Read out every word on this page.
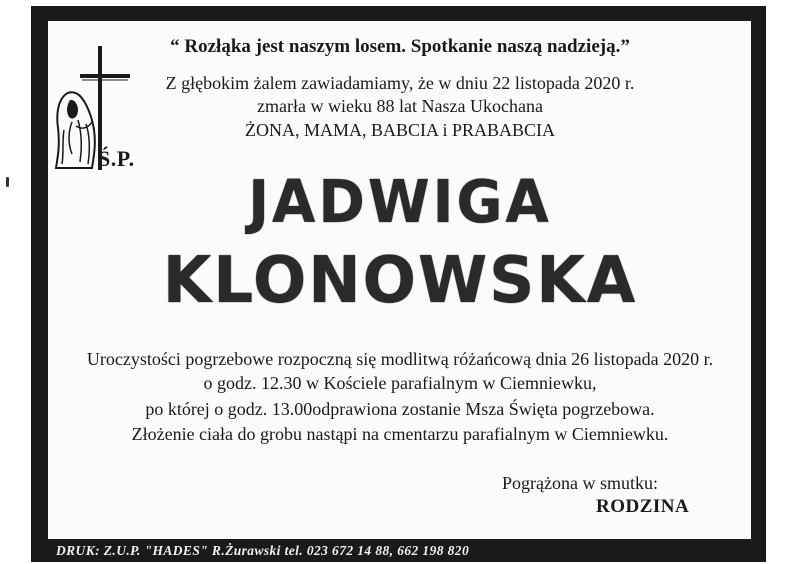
DRUK: Z.U.P. "HADES" R.Żurawski tel. 023 672 14 88, 662 198 820
“ Rozłąka jest naszym losem. Spotkanie naszą nadzieją.”
Z głębokim żalem zawiadamiamy, że w dniu 22 listopada 2020 r.
zmarła w wieku 88 lat Nasza Ukochana
ŻONA, MAMA, BABCIA i PRABABCIA
Ś.P.
JADWIGA
KLONOWSKA
Uroczystości pogrzebowe rozpoczną się modlitwą różańcową dnia 26 listopada 2020 r.
o godz. 12.30 w Kościele parafialnym w Ciemniewku,
po której o godz. 13.00odprawiona zostanie Msza Święta pogrzebowa.
Złożenie ciała do grobu nastąpi na cmentarzu parafialnym w Ciemniewku.
Pogrążona w smutku:
RODZINA
